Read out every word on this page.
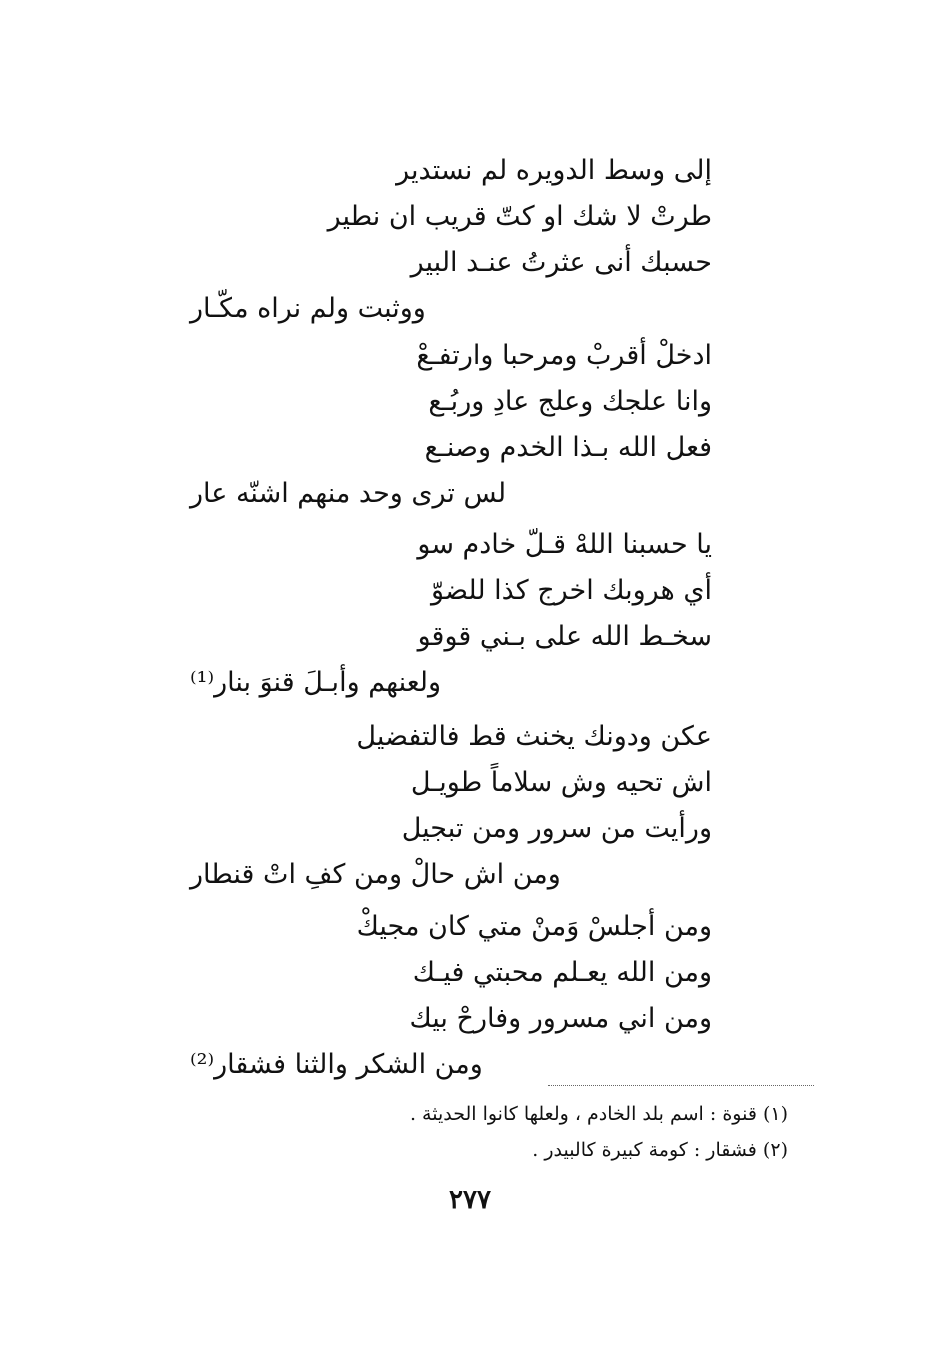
إلى وسط الدويره لم نستدير
طرتْ لا شك او كتّ قريب ان نطير
حسبك أنى عثرتُ عنـد البير
ووثبت ولم نراه مكّـار
ادخلْ أقربْ ومرحبا وارتفـعْ
وانا علجك وعلج عادِ وربُـع
فعل الله بـذا الخدم وصنـع
لس ترى وحد منهم اشنّه عار
يا حسبنا اللهْ قـلّ خادم سو
أي هروبك اخرج كذا للضوّ
سخـط الله على بـني قوقو
ولعنهم وأبـلَ قنوَ بنار⁽¹⁾
عكن ودونك يخنث قط فالتفضيل
اش تحيه وش سلاماً طويـل
ورأيت من سرور ومن تبجيل
ومن اش حالْ ومن كفِ اتْ قنطار
ومن أجلسْ وَمنْ متي كان مجيكْ
ومن الله يعـلم محبتي فيـك
ومن اني مسرور وفارحْ بيك
ومن الشكر والثنا فشقار⁽²⁾
(١) قنوة : اسم بلد الخادم ، ولعلها كانوا الحديثة .
(٢) فشقار : كومة كبيرة كالبيدر .
٢٧٧
